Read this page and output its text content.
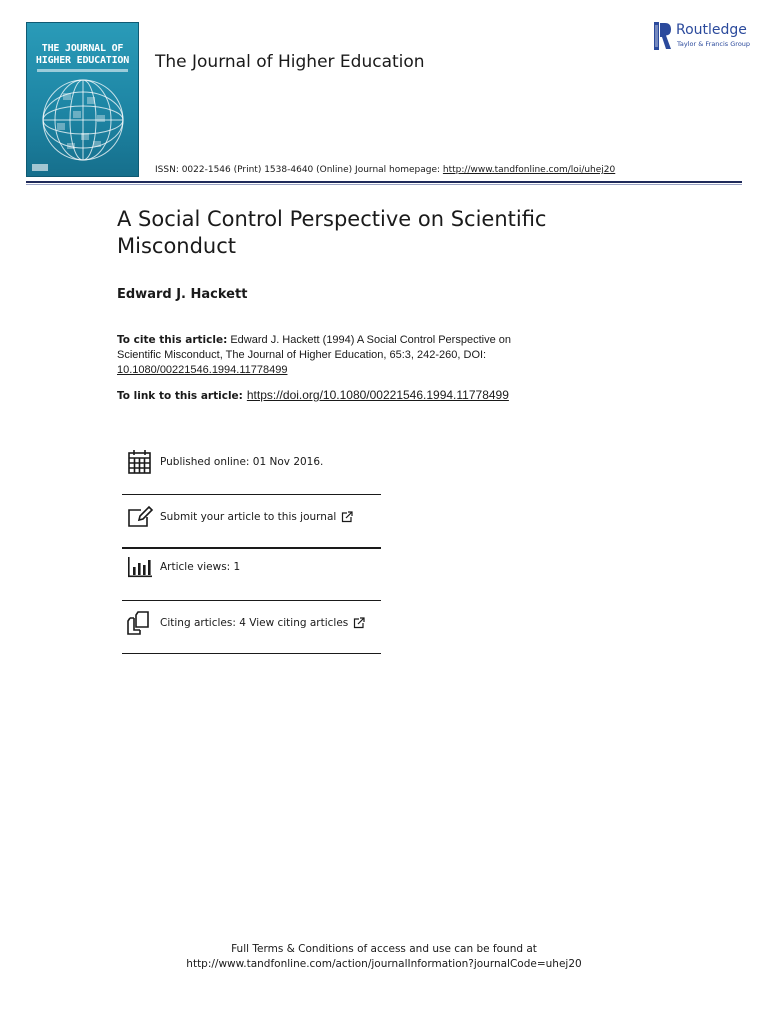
THE JOURNAL OF
HIGHER EDUCATION	The Journal of Higher Education
Routledge
Taylor & Francis Group
ISSN: 0022-1546 (Print) 1538-4640 (Online) Journal homepage: http://www.tandfonline.com/loi/uhej20
A Social Control Perspective on Scientific Misconduct
Edward J. Hackett
To cite this article: Edward J. Hackett (1994) A Social Control Perspective on Scientific Misconduct, The Journal of Higher Education, 65:3, 242-260, DOI: 10.1080/00221546.1994.11778499
To link to this article: https://doi.org/10.1080/00221546.1994.11778499
Published online: 01 Nov 2016.
Submit your article to this journal
Article views: 1
Citing articles: 4 View citing articles
Full Terms & Conditions of access and use can be found at
http://www.tandfonline.com/action/journalInformation?journalCode=uhej20
